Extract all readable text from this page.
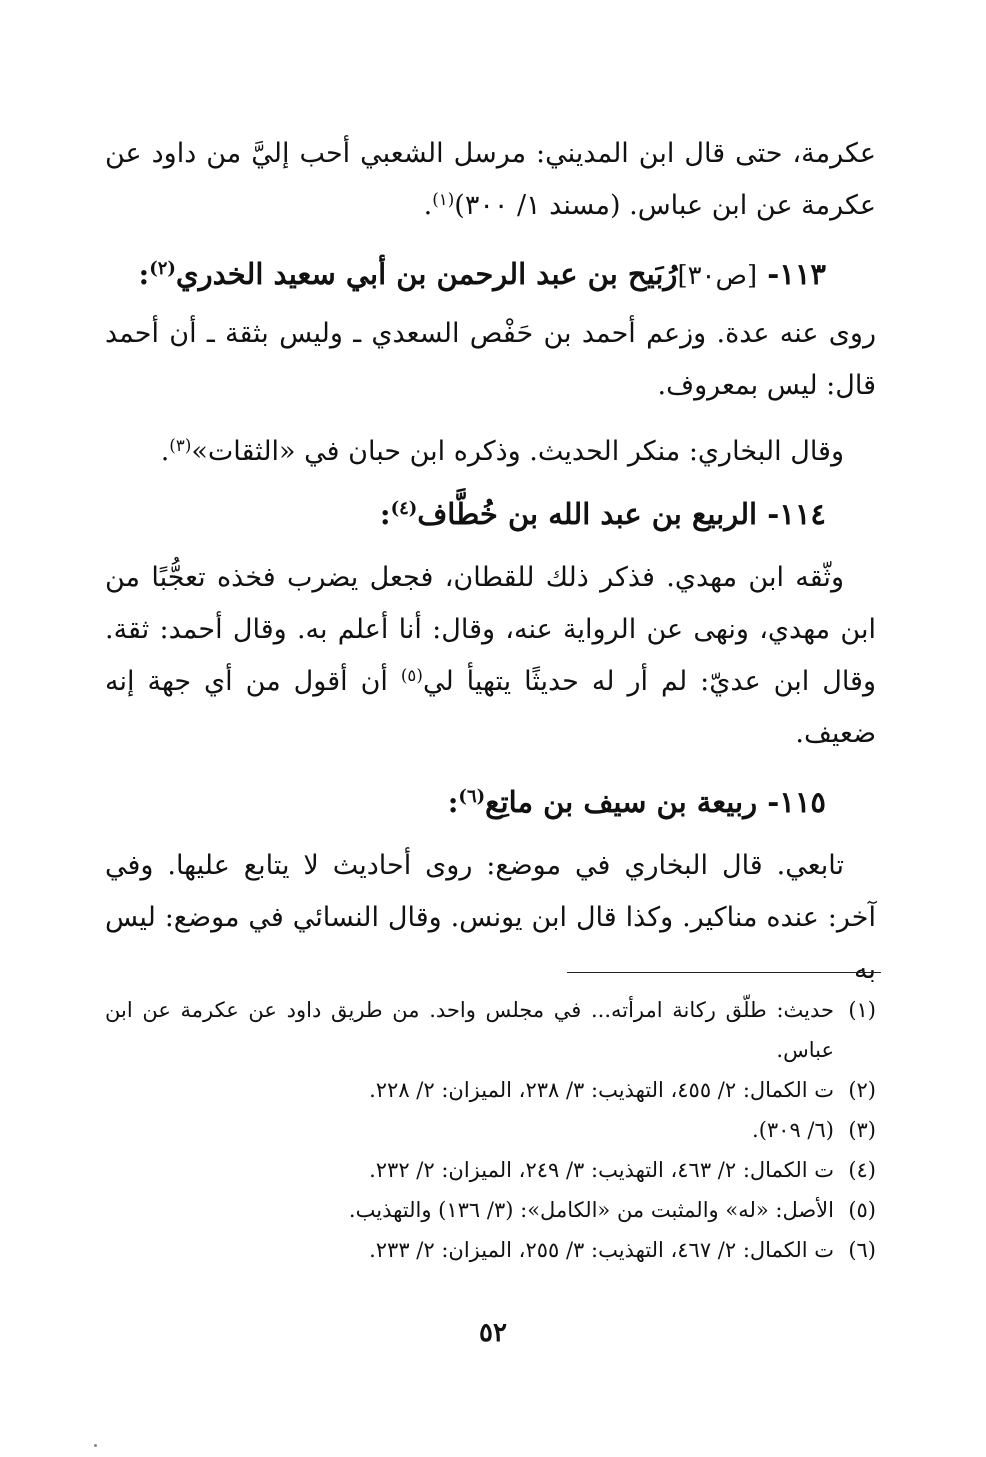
عكرمة، حتى قال ابن المديني: مرسل الشعبي أحب إليَّ من داود عن عكرمة عن ابن عباس. (مسند ١/ ٣٠٠)$^{(١)}$.

١١٣- [ص٣٠]رُبَيح بن عبد الرحمن بن أبي سعيد الخدري$^{(٢)}$:

روى عنه عدة. وزعم أحمد بن حَفْص السعدي ـ وليس بثقة ـ أن أحمد قال: ليس بمعروف.

وقال البخاري: منكر الحديث. وذكره ابن حبان في «الثقات»$^{(٣)}$.

١١٤- الربيع بن عبد الله بن خُطَّاف$^{(٤)}$:

وثّقه ابن مهدي. فذكر ذلك للقطان، فجعل يضرب فخذه تعجُّبًا من ابن مهدي، ونهى عن الرواية عنه، وقال: أنا أعلم به. وقال أحمد: ثقة. وقال ابن عديّ: لم أر له حديثًا يتهيأ لي$^{(٥)}$ أن أقول من أي جهة إنه ضعيف.

١١٥- ربيعة بن سيف بن ماتِع$^{(٦)}$:

تابعي. قال البخاري في موضع: روى أحاديث لا يتابع عليها. وفي آخر: عنده مناكير. وكذا قال ابن يونس. وقال النسائي في موضع: ليس به

(١)
حديث: طلّق ركانة امرأته... في مجلس واحد. من طريق داود عن عكرمة عن ابن عباس.
(٢)
ت الكمال: ٢/ ٤٥٥، التهذيب: ٣/ ٢٣٨، الميزان: ٢/ ٢٢٨.
(٣)
(٦/ ٣٠٩).
(٤)
ت الكمال: ٢/ ٤٦٣، التهذيب: ٣/ ٢٤٩، الميزان: ٢/ ٢٣٢.
(٥)
الأصل: «له» والمثبت من «الكامل»: (٣/ ١٣٦) والتهذيب.
(٦)
ت الكمال: ٢/ ٤٦٧، التهذيب: ٣/ ٢٥٥، الميزان: ٢/ ٢٣٣.
٥٢
